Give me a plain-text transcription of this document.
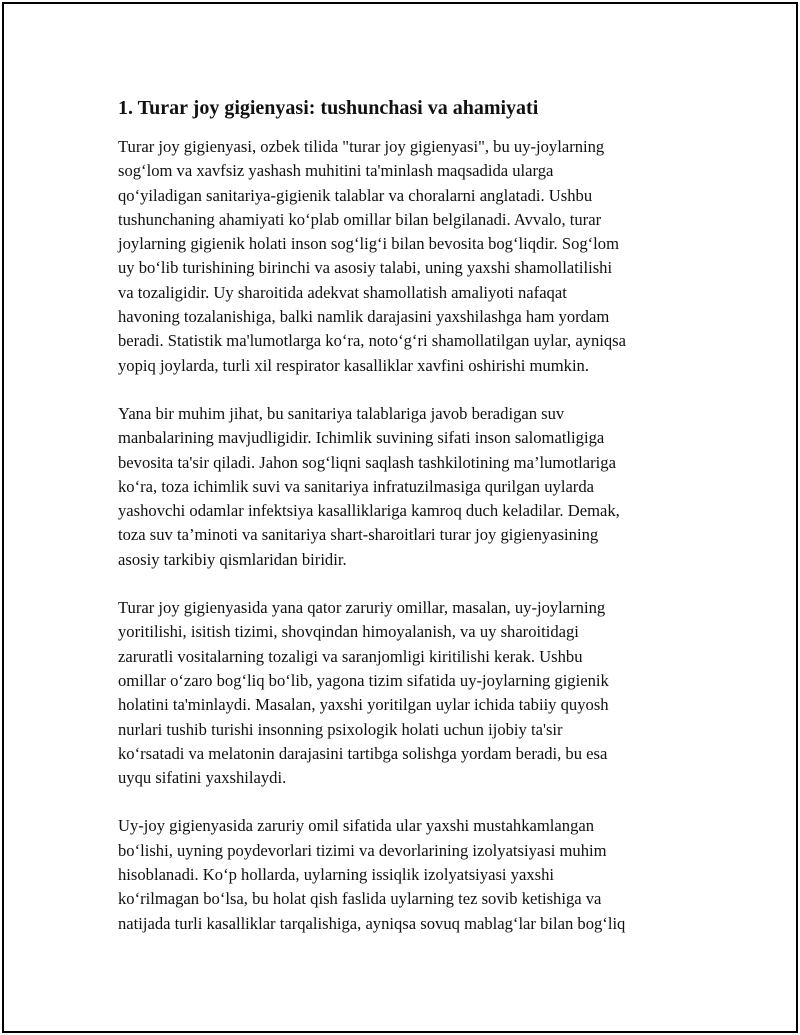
1. Turar joy gigienyasi: tushunchasi va ahamiyati
Turar joy gigienyasi, ozbek tilida "turar joy gigienyasi", bu uy-joylarning
sog‘lom va xavfsiz yashash muhitini ta'minlash maqsadida ularga
qo‘yiladigan sanitariya-gigienik talablar va choralarni anglatadi. Ushbu
tushunchaning ahamiyati ko‘plab omillar bilan belgilanadi. Avvalo, turar
joylarning gigienik holati inson sog‘lig‘i bilan bevosita bog‘liqdir. Sog‘lom
uy bo‘lib turishining birinchi va asosiy talabi, uning yaxshi shamollatilishi
va tozaligidir. Uy sharoitida adekvat shamollatish amaliyoti nafaqat
havoning tozalanishiga, balki namlik darajasini yaxshilashga ham yordam
beradi. Statistik ma'lumotlarga ko‘ra, noto‘g‘ri shamollatilgan uylar, ayniqsa
yopiq joylarda, turli xil respirator kasalliklar xavfini oshirishi mumkin.
Yana bir muhim jihat, bu sanitariya talablariga javob beradigan suv
manbalarining mavjudligidir. Ichimlik suvining sifati inson salomatligiga
bevosita ta'sir qiladi. Jahon sog‘liqni saqlash tashkilotining ma’lumotlariga
ko‘ra, toza ichimlik suvi va sanitariya infratuzilmasiga qurilgan uylarda
yashovchi odamlar infektsiya kasalliklariga kamroq duch keladilar. Demak,
toza suv ta’minoti va sanitariya shart-sharoitlari turar joy gigienyasining
asosiy tarkibiy qismlaridan biridir.
Turar joy gigienyasida yana qator zaruriy omillar, masalan, uy-joylarning
yoritilishi, isitish tizimi, shovqindan himoyalanish, va uy sharoitidagi
zaruratli vositalarning tozaligi va saranjomligi kiritilishi kerak. Ushbu
omillar o‘zaro bog‘liq bo‘lib, yagona tizim sifatida uy-joylarning gigienik
holatini ta'minlaydi. Masalan, yaxshi yoritilgan uylar ichida tabiiy quyosh
nurlari tushib turishi insonning psixologik holati uchun ijobiy ta'sir
ko‘rsatadi va melatonin darajasini tartibga solishga yordam beradi, bu esa
uyqu sifatini yaxshilaydi.
Uy-joy gigienyasida zaruriy omil sifatida ular yaxshi mustahkamlangan
bo‘lishi, uyning poydevorlari tizimi va devorlarining izolyatsiyasi muhim
hisoblanadi. Ko‘p hollarda, uylarning issiqlik izolyatsiyasi yaxshi
ko‘rilmagan bo‘lsa, bu holat qish faslida uylarning tez sovib ketishiga va
natijada turli kasalliklar tarqalishiga, ayniqsa sovuq mablag‘lar bilan bog‘liq
